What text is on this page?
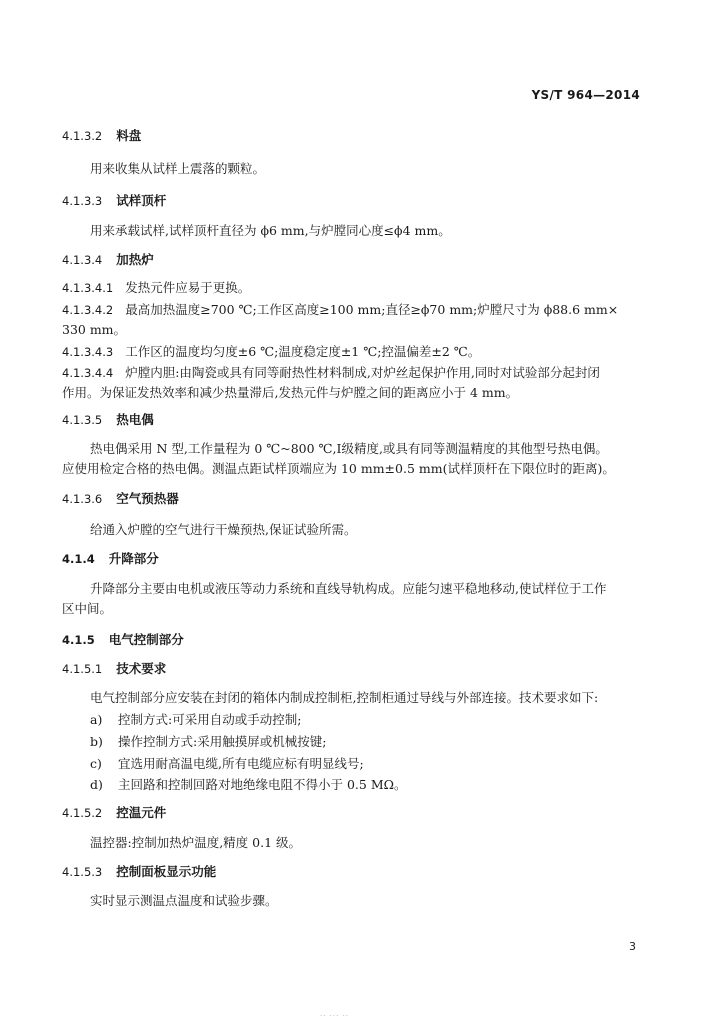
YS/T 964—2014
4.1.3.2 料盘
用来收集从试样上震落的颗粒。
4.1.3.3 试样顶杆
用来承载试样,试样顶杆直径为 ϕ6 mm,与炉膛同心度≤ϕ4 mm。
4.1.3.4 加热炉
4.1.3.4.1 发热元件应易于更换。
4.1.3.4.2 最高加热温度≥700 ℃;工作区高度≥100 mm;直径≥ϕ70 mm;炉膛尺寸为 ϕ88.6 mm×
330 mm。
4.1.3.4.3 工作区的温度均匀度±6 ℃;温度稳定度±1 ℃;控温偏差±2 ℃。
4.1.3.4.4 炉膛内胆:由陶瓷或具有同等耐热性材料制成,对炉丝起保护作用,同时对试验部分起封闭
作用。为保证发热效率和减少热量滞后,发热元件与炉膛之间的距离应小于 4 mm。
4.1.3.5 热电偶
热电偶采用 N 型,工作量程为 0 ℃~800 ℃,Ⅰ级精度,或具有同等测温精度的其他型号热电偶。
应使用检定合格的热电偶。测温点距试样顶端应为 10 mm±0.5 mm(试样顶杆在下限位时的距离)。
4.1.3.6 空气预热器
给通入炉膛的空气进行干燥预热,保证试验所需。
4.1.4 升降部分
升降部分主要由电机或液压等动力系统和直线导轨构成。应能匀速平稳地移动,使试样位于工作
区中间。
4.1.5 电气控制部分
4.1.5.1 技术要求
电气控制部分应安装在封闭的箱体内制成控制柜,控制柜通过导线与外部连接。技术要求如下:
a) 控制方式:可采用自动或手动控制;
b) 操作控制方式:采用触摸屏或机械按键;
c) 宜选用耐高温电缆,所有电缆应标有明显线号;
d) 主回路和控制回路对地绝缘电阻不得小于 0.5 MΩ。
4.1.5.2 控温元件
温控器:控制加热炉温度,精度 0.1 级。
4.1.5.3 控制面板显示功能
实时显示测温点温度和试验步骤。
3
·· ··· ··
